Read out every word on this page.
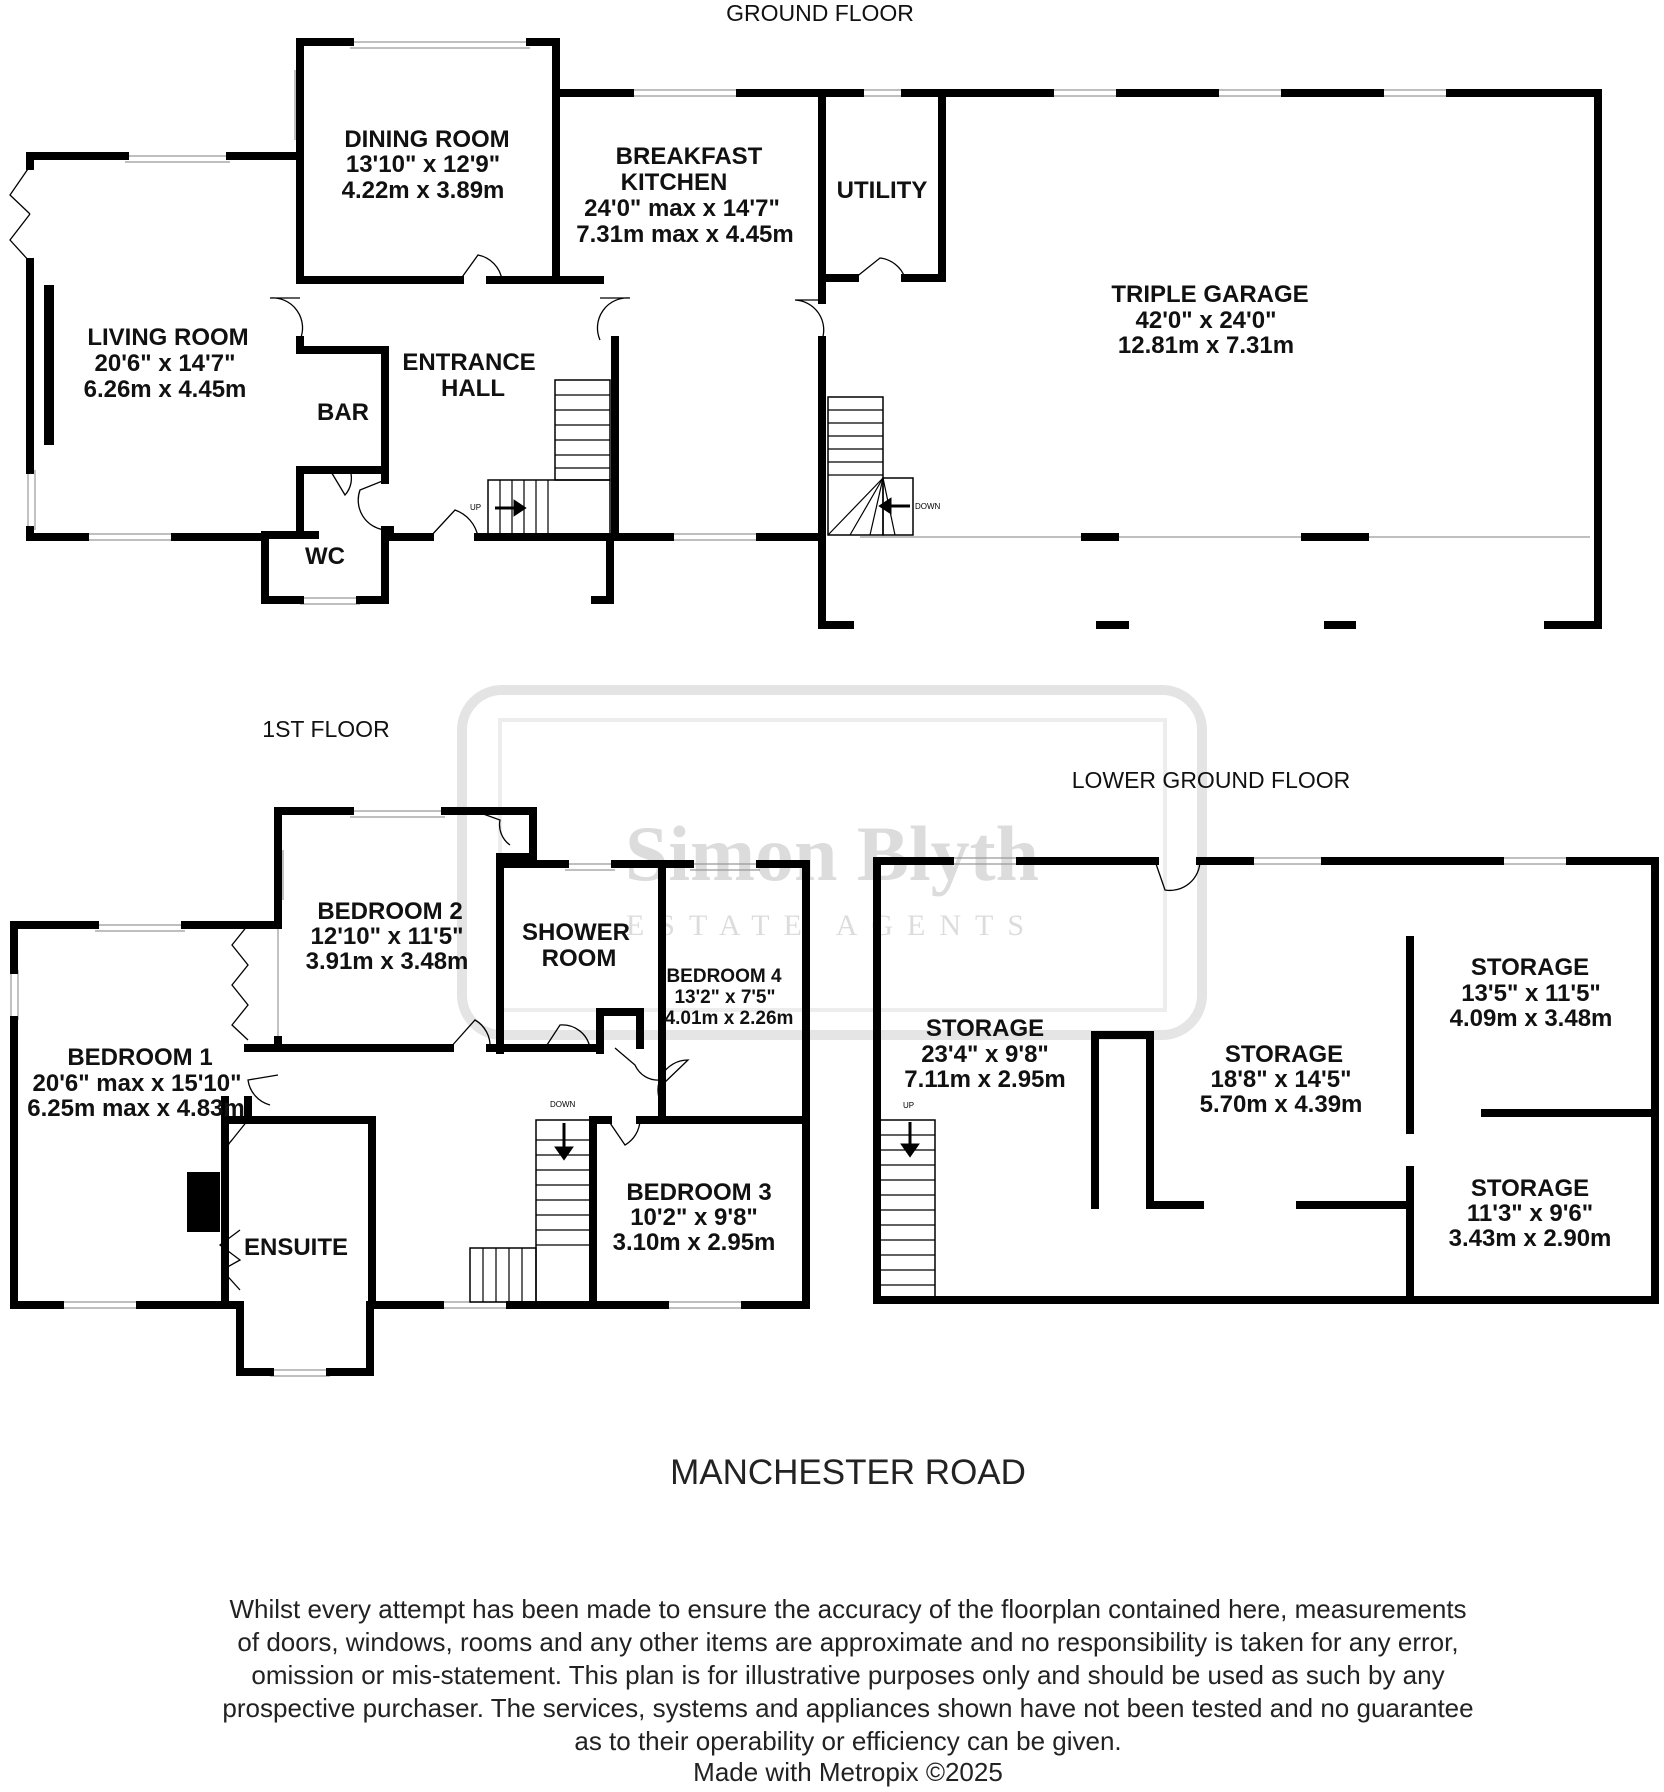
Simon Blyth
ESTATE AGENTS
GROUND FLOOR
1ST FLOOR
LOWER GROUND FLOOR
UP	DOWN
DINING ROOM
13'10" x 12'9"
4.22m x 3.89m
BREAKFAST
KITCHEN
24'0" max x 14'7"
7.31m max x 4.45m
UTILITY
TRIPLE GARAGE
42'0" x 24'0"
12.81m x 7.31m
LIVING ROOM
20'6" x 14'7"
6.26m x 4.45m
ENTRANCE
HALL
BAR
WC
DOWN
BEDROOM 2
12'10" x 11'5"
3.91m x 3.48m
SHOWER
ROOM
BEDROOM 4
13'2" x 7'5"
4.01m x 2.26m
BEDROOM 1
20'6" max x 15'10"
6.25m max x 4.83m
BEDROOM 3
10'2" x 9'8"
3.10m x 2.95m
ENSUITE
UP
STORAGE
23'4" x 9'8"
7.11m x 2.95m
STORAGE
18'8" x 14'5"
5.70m x 4.39m
STORAGE
13'5" x 11'5"
4.09m x 3.48m
STORAGE
11'3" x 9'6"
3.43m x 2.90m
MANCHESTER ROAD
Whilst every attempt has been made to ensure the accuracy of the floorplan contained here, measurements
of doors, windows, rooms and any other items are approximate and no responsibility is taken for any error,
omission or mis-statement. This plan is for illustrative purposes only and should be used as such by any
prospective purchaser. The services, systems and appliances shown have not been tested and no guarantee
as to their operability or efficiency can be given.
Made with Metropix ©2025
